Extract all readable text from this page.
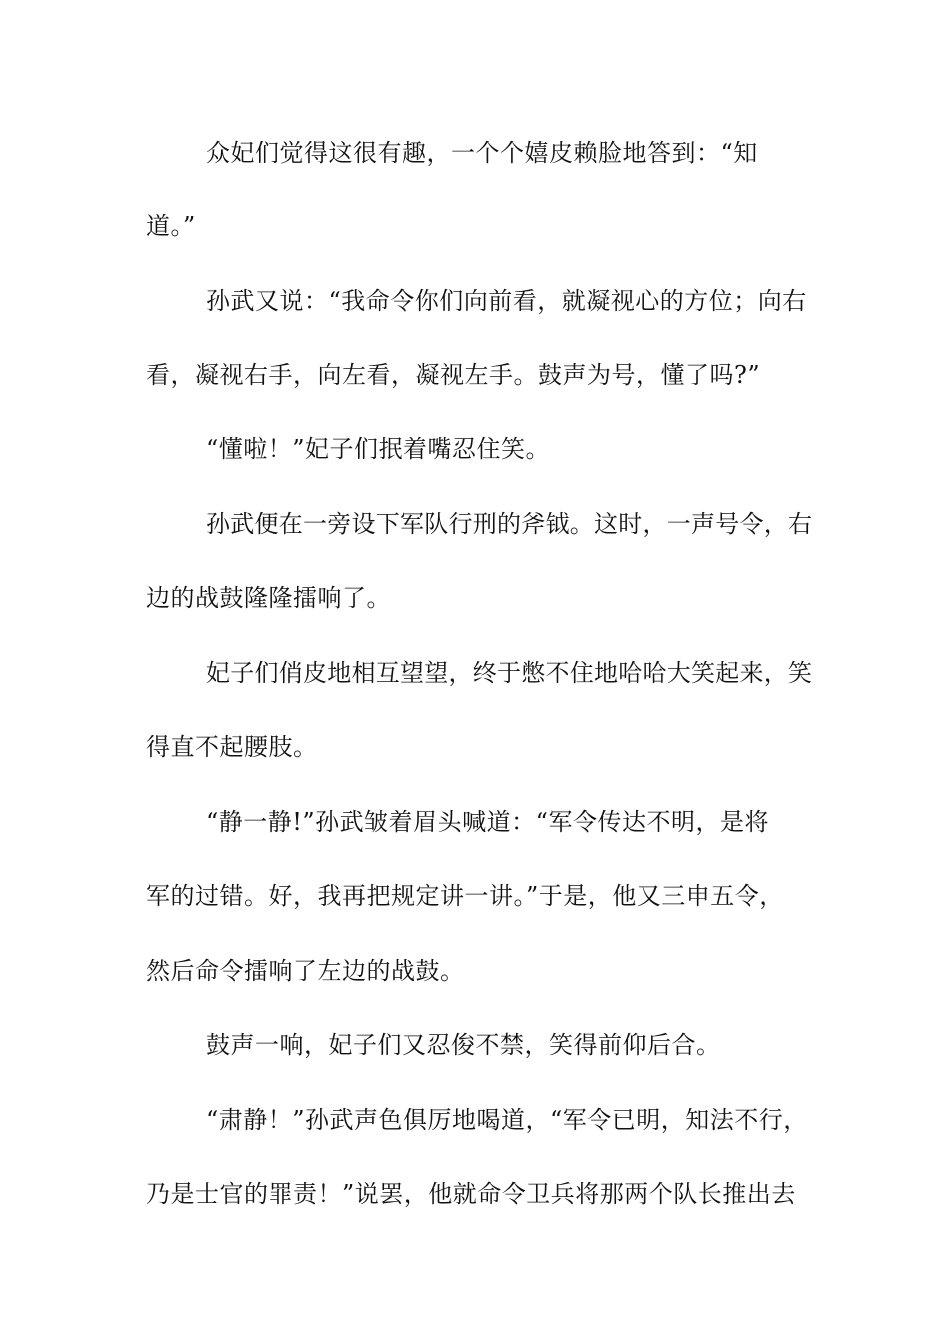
众妃们觉得这很有趣，一个个嬉皮赖脸地答到：“知
道。”
孙武又说：“我命令你们向前看，就凝视心的方位；向右
看，凝视右手，向左看，凝视左手。鼓声为号，懂了吗?”
“懂啦！”妃子们抿着嘴忍住笑。
孙武便在一旁设下军队行刑的斧钺。这时，一声号令，右
边的战鼓隆隆擂响了。
妃子们俏皮地相互望望，终于憋不住地哈哈大笑起来，笑
得直不起腰肢。
“静一静!”孙武皱着眉头喊道：“军令传达不明，是将
军的过错。好，我再把规定讲一讲。”于是，他又三申五令，
然后命令擂响了左边的战鼓。
鼓声一响，妃子们又忍俊不禁，笑得前仰后合。
“肃静！”孙武声色俱厉地喝道，“军令已明，知法不行，
乃是士官的罪责！”说罢，他就命令卫兵将那两个队长推出去
